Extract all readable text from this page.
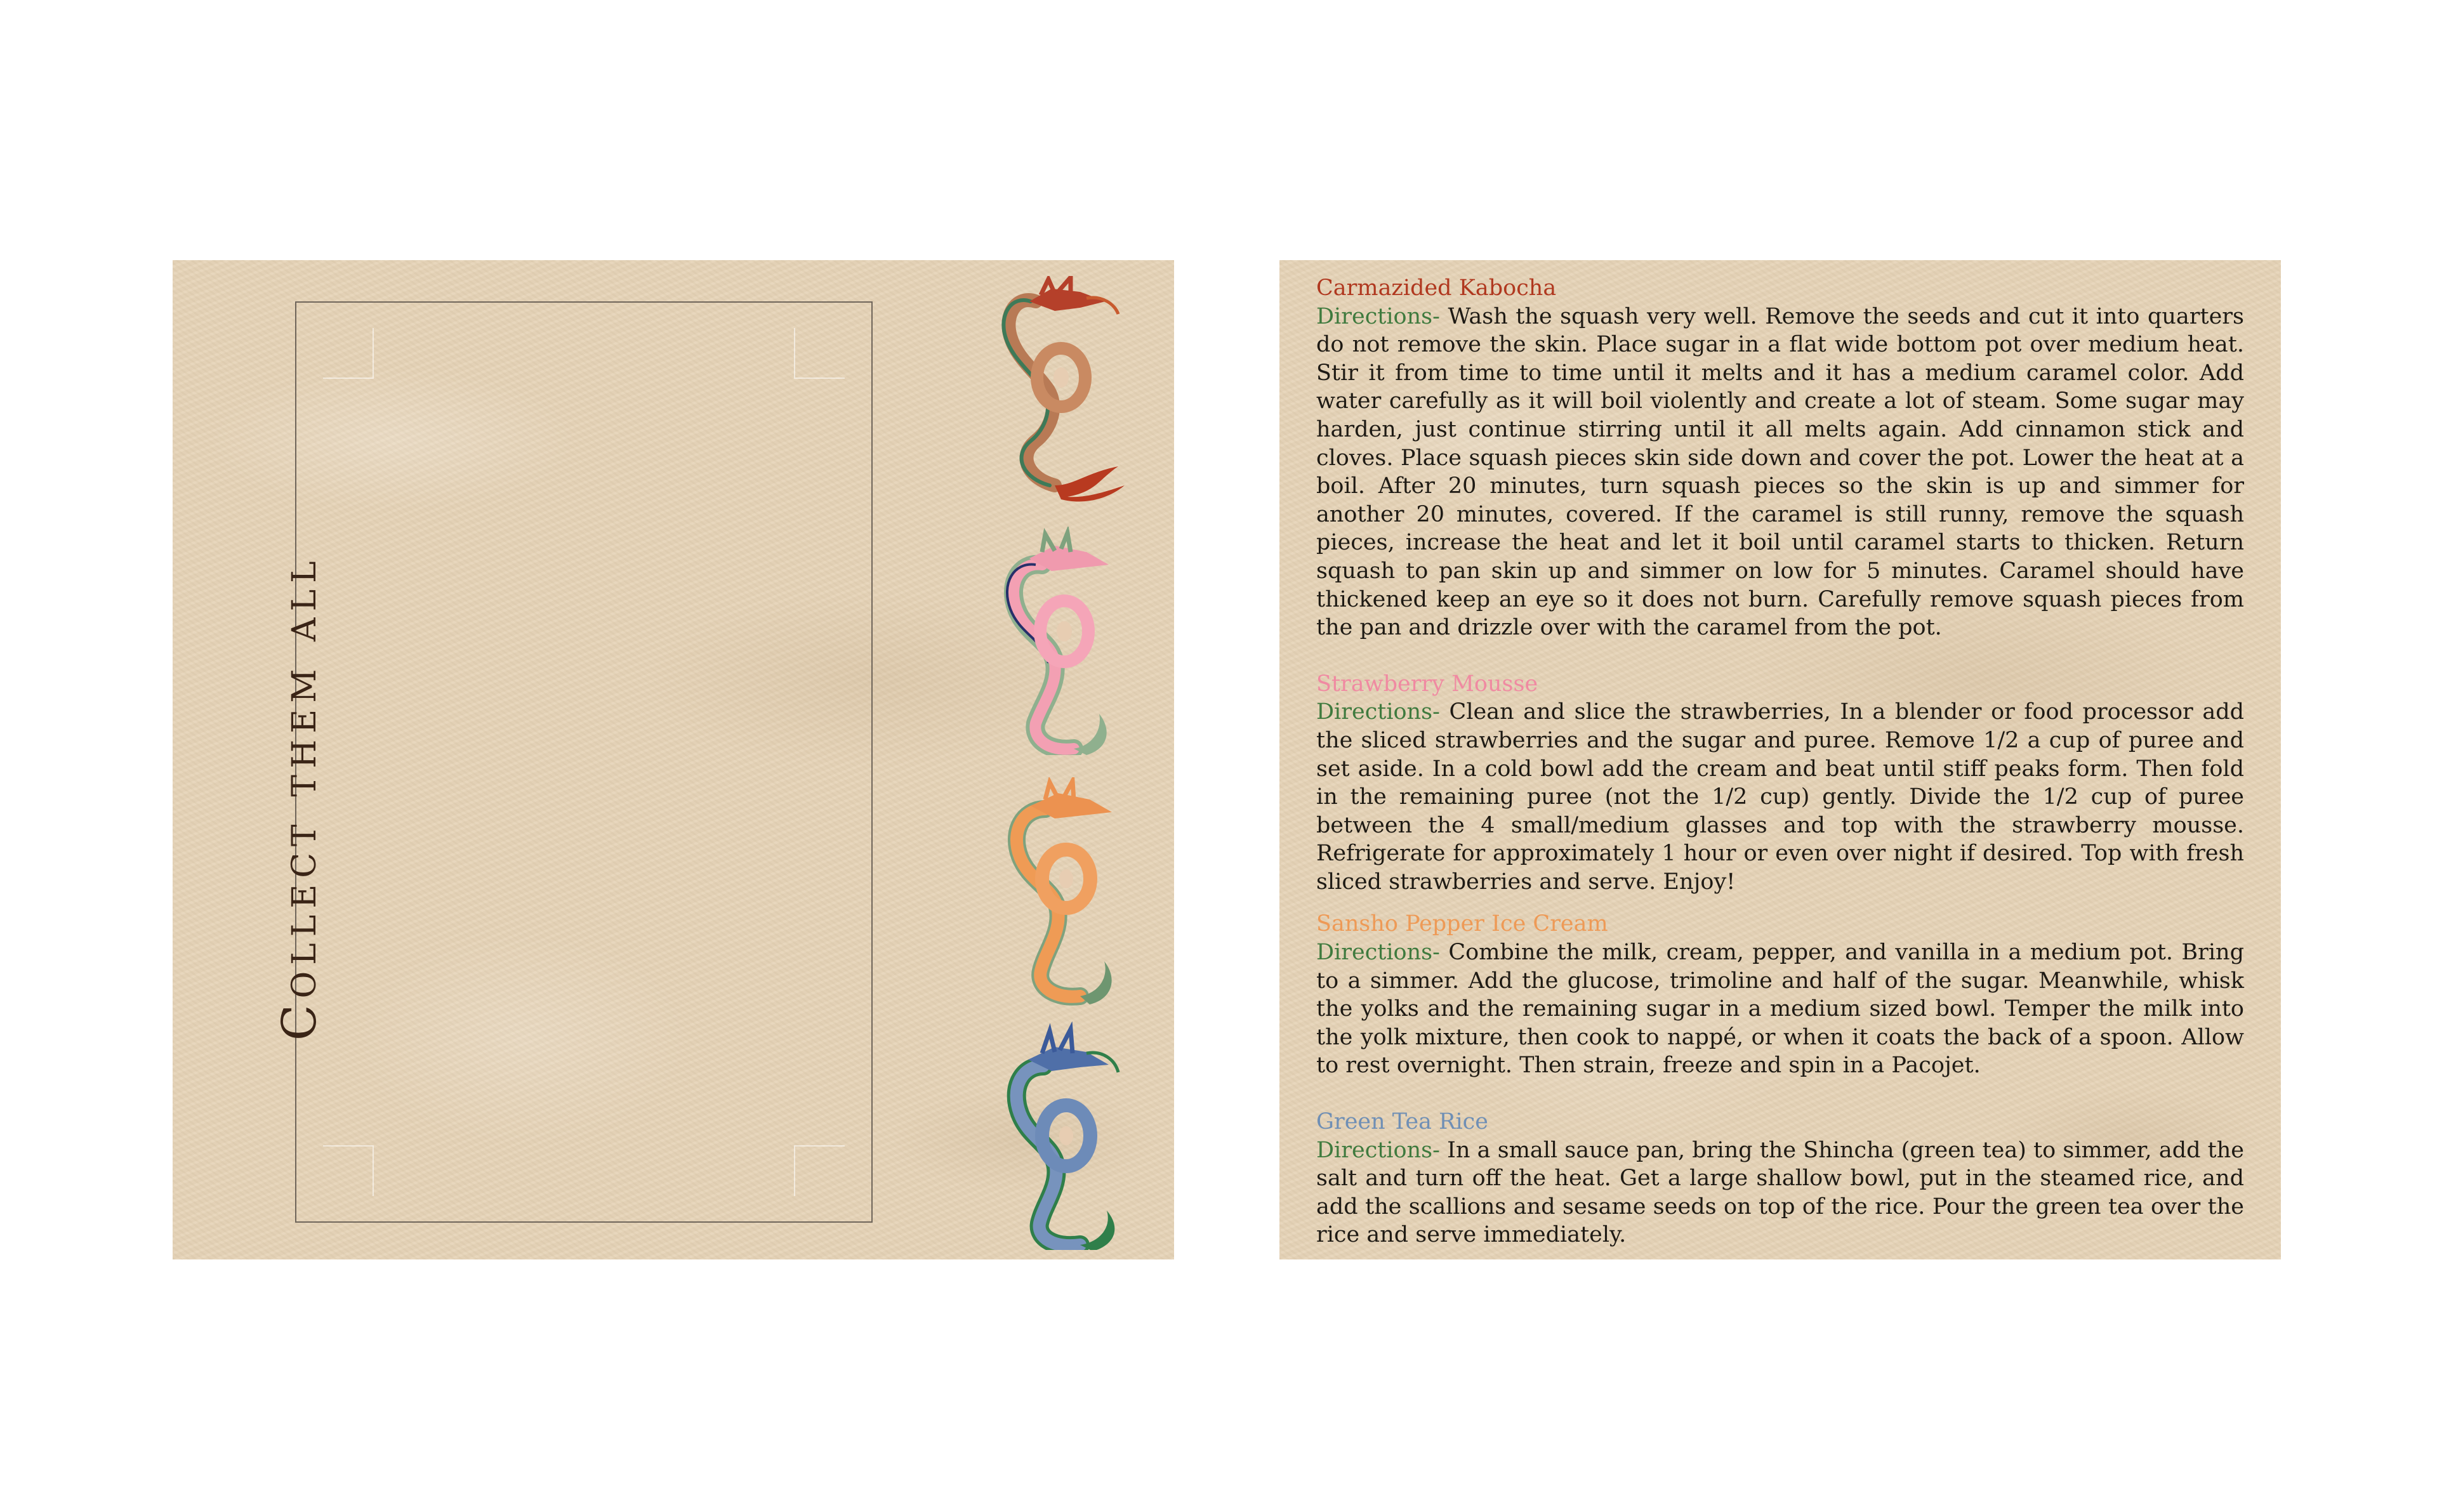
Collect them all
Carmazided Kabocha
Directions- Wash the squash very well. Remove the seeds and cut it into quarters do not remove the skin. Place sugar in a flat wide bottom pot over medium heat. Stir it from time to time until it melts and it has a medium caramel color. Add water carefully as it will boil violently and create a lot of steam. Some sugar may harden, just continue stirring until it all melts again. Add cinnamon stick and cloves. Place squash pieces skin side down and cover the pot. Lower the heat at a boil. After 20 minutes, turn squash pieces so the skin is up and simmer for another 20 minutes, covered. If the caramel is still runny, remove the squash pieces, increase the heat and let it boil until caramel starts to thicken. Return squash to pan skin up and simmer on low for 5 minutes. Caramel should have thickened keep an eye so it does not burn. Carefully remove squash pieces from the pan and drizzle over with the caramel from the pot.
Strawberry Mousse
Directions- Clean and slice the strawberries, In a blender or food processor add the sliced strawberries and the sugar and puree. Remove 1/2 a cup of puree and set aside. In a cold bowl add the cream and beat until stiff peaks form. Then fold in the remaining puree (not the 1/2 cup) gently. Divide the 1/2 cup of puree between the 4 small/medium glasses and top with the strawberry mousse. Refrigerate for approximately 1 hour or even over night if desired. Top with fresh sliced strawberries and serve. Enjoy!
Sansho Pepper Ice Cream
Directions- Combine the milk, cream, pepper, and vanilla in a medium pot. Bring to a simmer. Add the glucose, trimoline and half of the sugar. Meanwhile, whisk the yolks and the remaining sugar in a medium sized bowl. Temper the milk into the yolk mixture, then cook to nappé, or when it coats the back of a spoon. Allow to rest overnight. Then strain, freeze and spin in a Pacojet.
Green Tea Rice
Directions- In a small sauce pan, bring the Shincha (green tea) to simmer, add the salt and turn off the heat. Get a large shallow bowl, put in the steamed rice, and add the scallions and sesame seeds on top of the rice. Pour the green tea over the rice and serve immediately.
